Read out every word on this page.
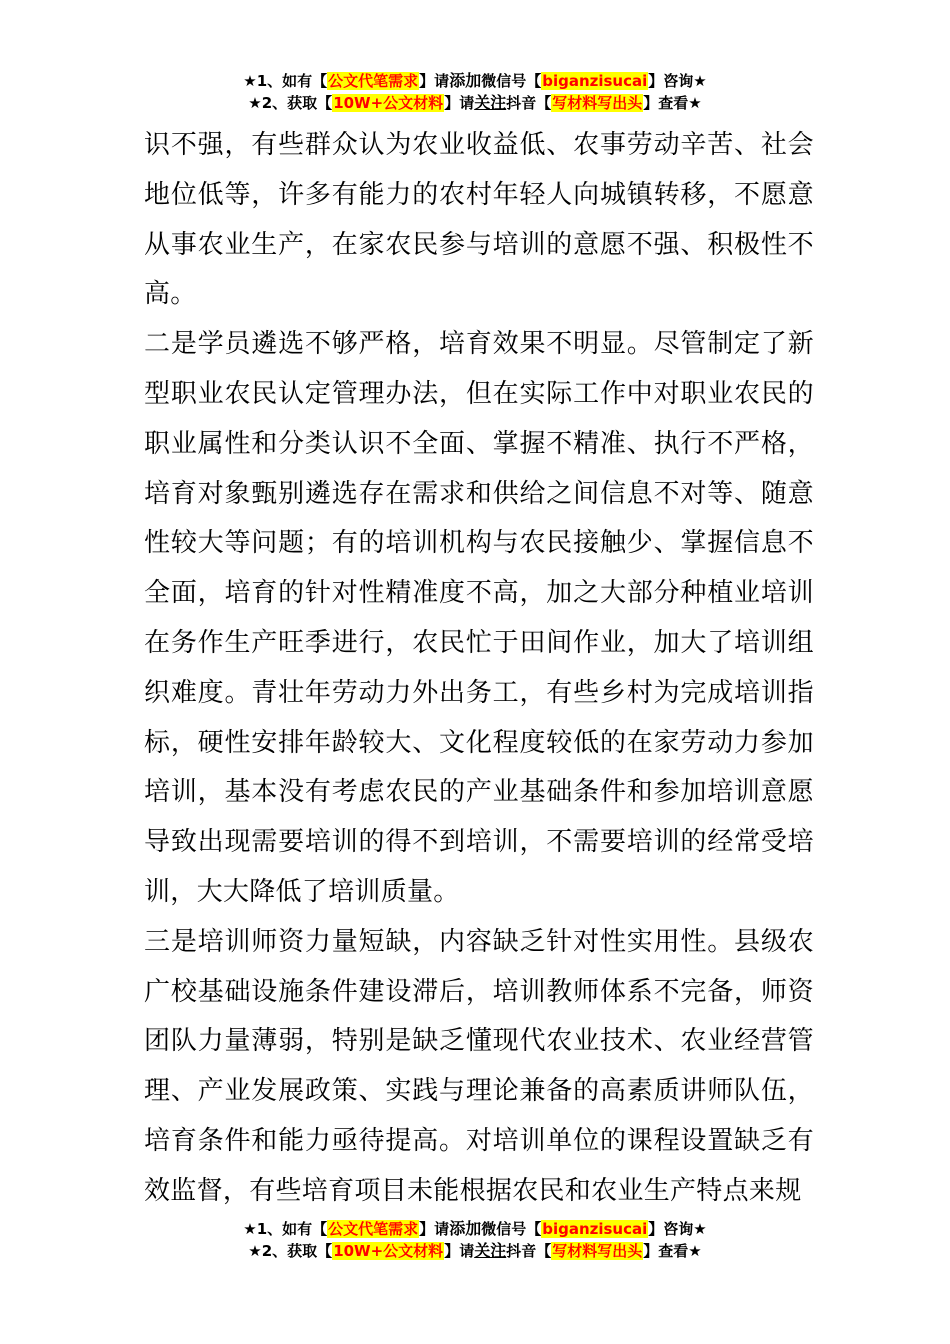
★1、如有【公文代笔需求】请添加微信号【biganzisucai】咨询★
★2、获取【10W+公文材料】请关注抖音【写材料写出头】查看★

识不强，有些群众认为农业收益低、农事劳动辛苦、社会地位低等，许多有能力的农村年轻人向城镇转移，不愿意从事农业生产，在家农民参与培训的意愿不强、积极性不高。

二是学员遴选不够严格，培育效果不明显。尽管制定了新型职业农民认定管理办法，但在实际工作中对职业农民的职业属性和分类认识不全面、掌握不精准、执行不严格，培育对象甄别遴选存在需求和供给之间信息不对等、随意性较大等问题；有的培训机构与农民接触少、掌握信息不全面，培育的针对性精准度不高，加之大部分种植业培训在务作生产旺季进行，农民忙于田间作业，加大了培训组织难度。青壮年劳动力外出务工，有些乡村为完成培训指标，硬性安排年龄较大、文化程度较低的在家劳动力参加培训，基本没有考虑农民的产业基础条件和参加培训意愿导致出现需要培训的得不到培训，不需要培训的经常受培训，大大降低了培训质量。

三是培训师资力量短缺，内容缺乏针对性实用性。县级农广校基础设施条件建设滞后，培训教师体系不完备，师资团队力量薄弱，特别是缺乏懂现代农业技术、农业经营管理、产业发展政策、实践与理论兼备的高素质讲师队伍，培育条件和能力亟待提高。对培训单位的课程设置缺乏有效监督，有些培育项目未能根据农民和农业生产特点来规

★1、如有【公文代笔需求】请添加微信号【biganzisucai】咨询★
★2、获取【10W+公文材料】请关注抖音【写材料写出头】查看★
